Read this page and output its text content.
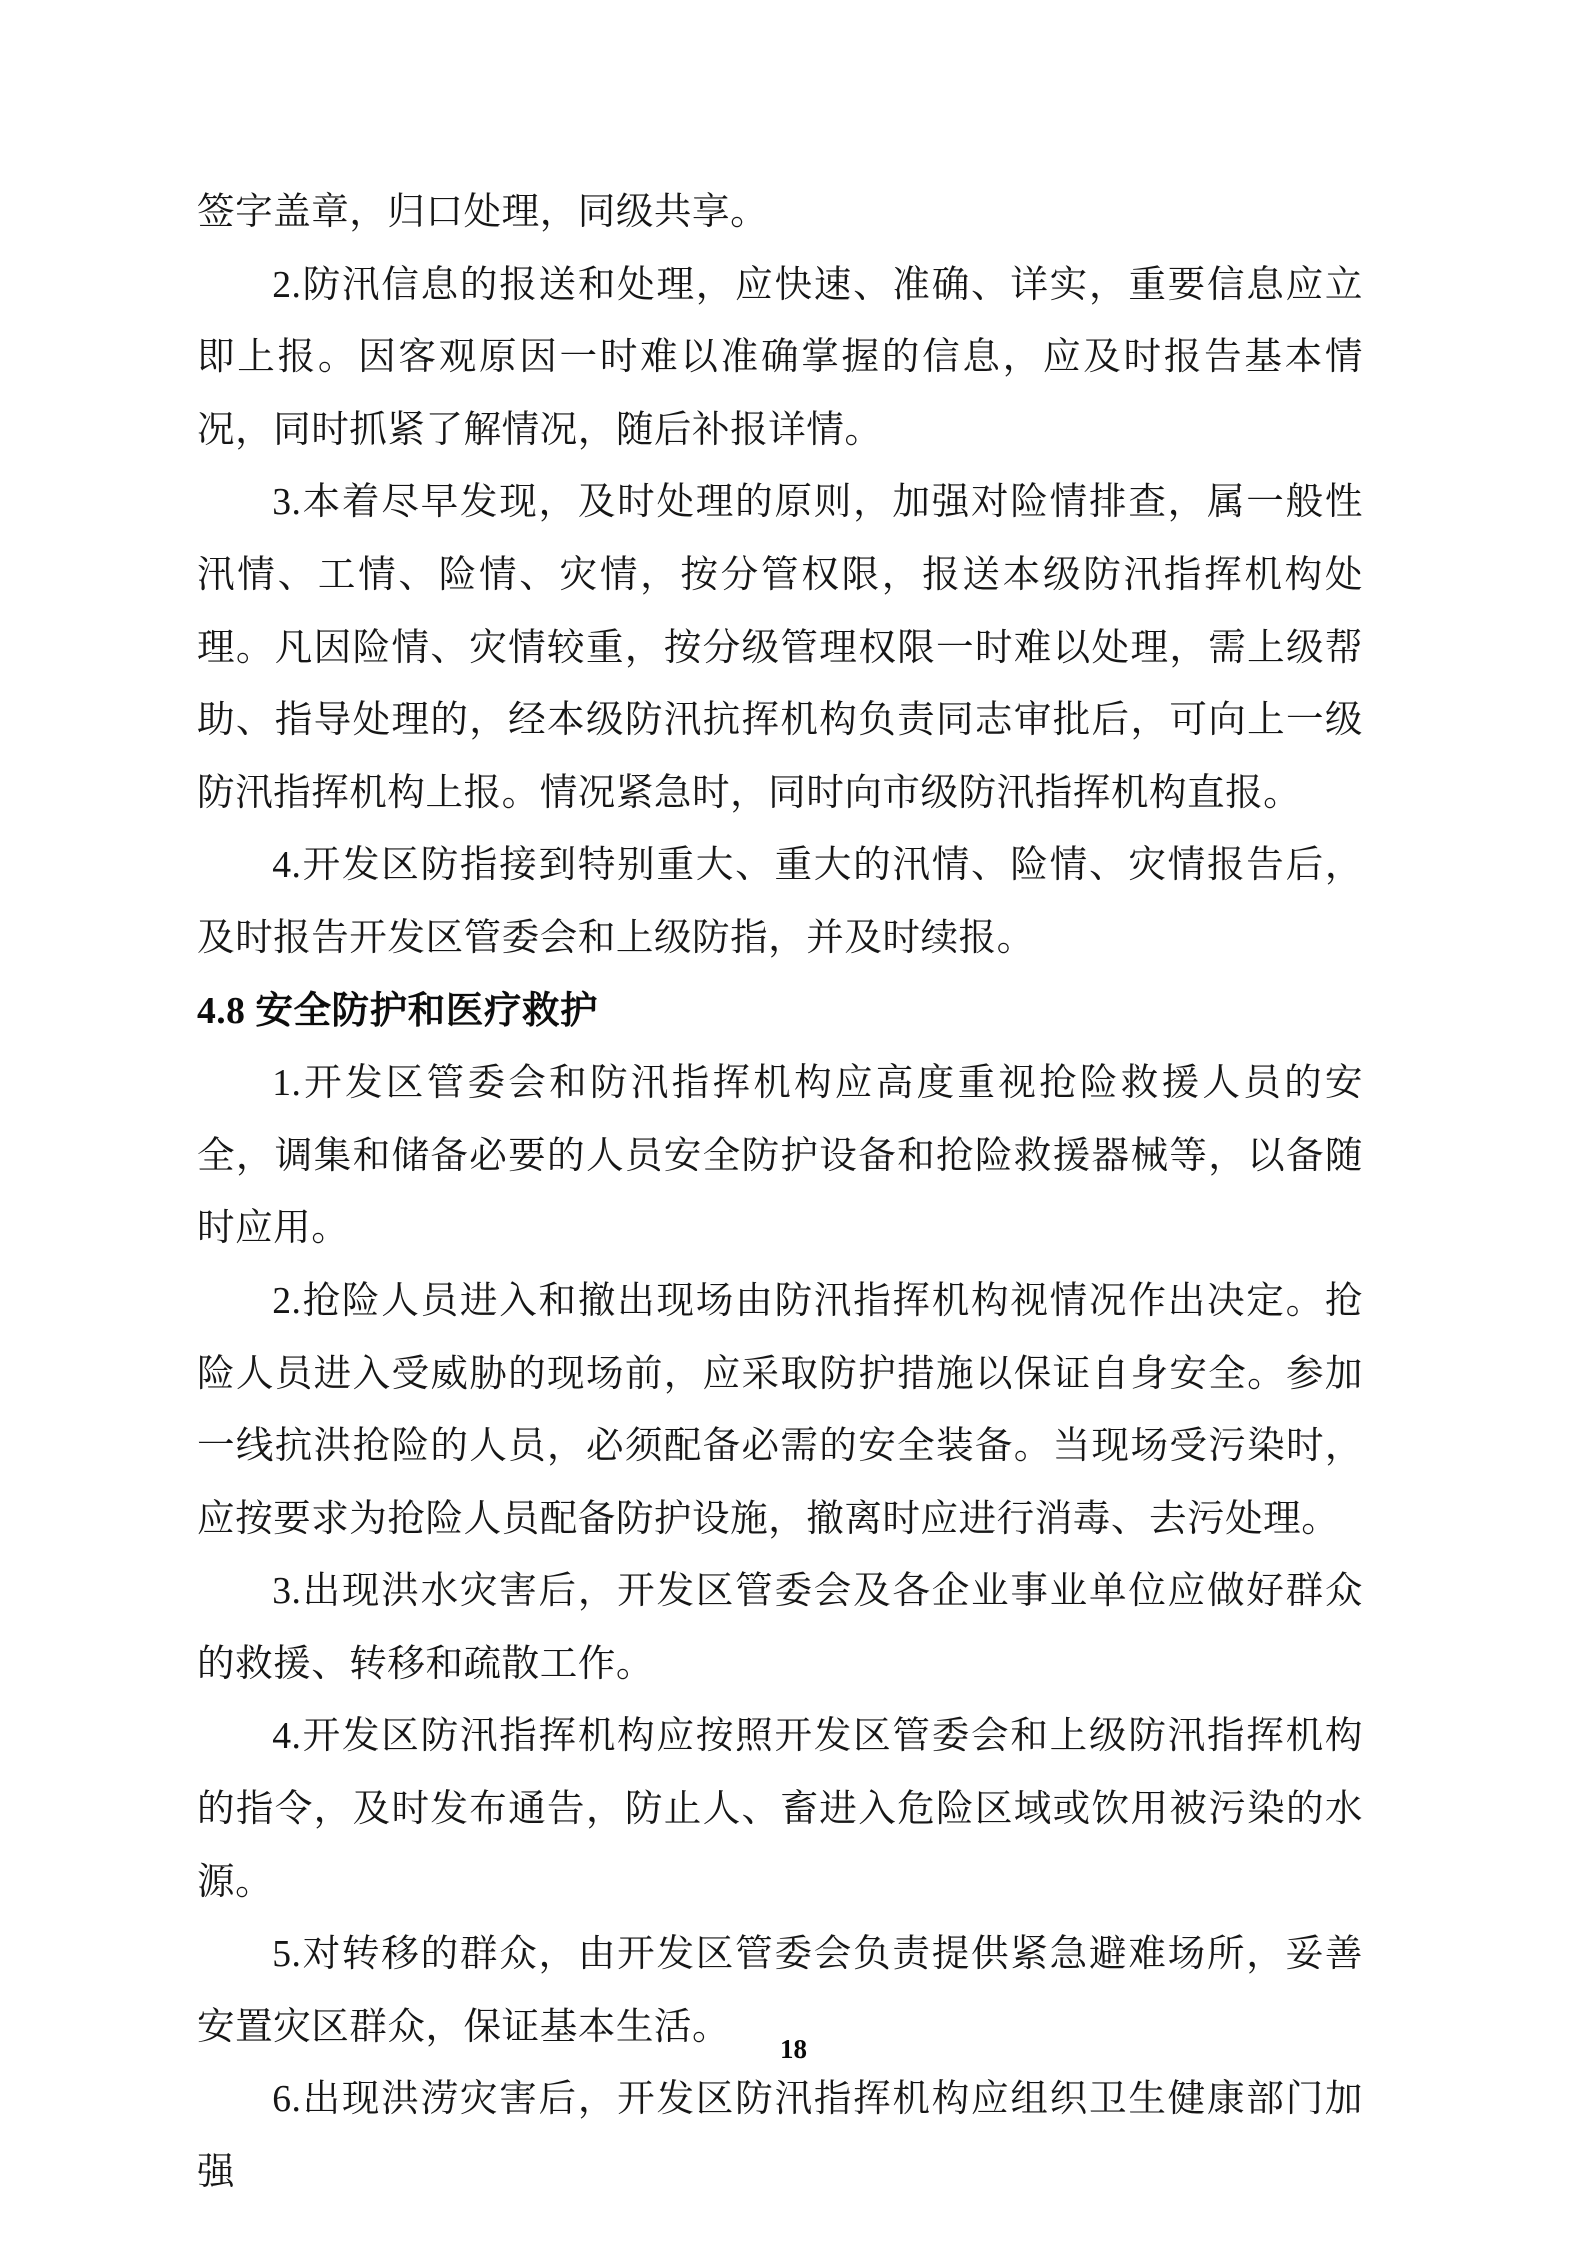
签字盖章，归口处理，同级共享。

2.防汛信息的报送和处理，应快速、准确、详实，重要信息应立即上报。因客观原因一时难以准确掌握的信息，应及时报告基本情况，同时抓紧了解情况，随后补报详情。

3.本着尽早发现，及时处理的原则，加强对险情排查，属一般性汛情、工情、险情、灾情，按分管权限，报送本级防汛指挥机构处理。凡因险情、灾情较重，按分级管理权限一时难以处理，需上级帮助、指导处理的，经本级防汛抗挥机构负责同志审批后，可向上一级防汛指挥机构上报。情况紧急时，同时向市级防汛指挥机构直报。

4.开发区防指接到特别重大、重大的汛情、险情、灾情报告后，及时报告开发区管委会和上级防指，并及时续报。

4.8 安全防护和医疗救护

1.开发区管委会和防汛指挥机构应高度重视抢险救援人员的安全，调集和储备必要的人员安全防护设备和抢险救援器械等，以备随时应用。

2.抢险人员进入和撤出现场由防汛指挥机构视情况作出决定。抢险人员进入受威胁的现场前，应采取防护措施以保证自身安全。参加一线抗洪抢险的人员，必须配备必需的安全装备。当现场受污染时，应按要求为抢险人员配备防护设施，撤离时应进行消毒、去污处理。

3.出现洪水灾害后，开发区管委会及各企业事业单位应做好群众的救援、转移和疏散工作。

4.开发区防汛指挥机构应按照开发区管委会和上级防汛指挥机构的指令，及时发布通告，防止人、畜进入危险区域或饮用被污染的水源。

5.对转移的群众，由开发区管委会负责提供紧急避难场所，妥善安置灾区群众，保证基本生活。

6.出现洪涝灾害后，开发区防汛指挥机构应组织卫生健康部门加强

18
